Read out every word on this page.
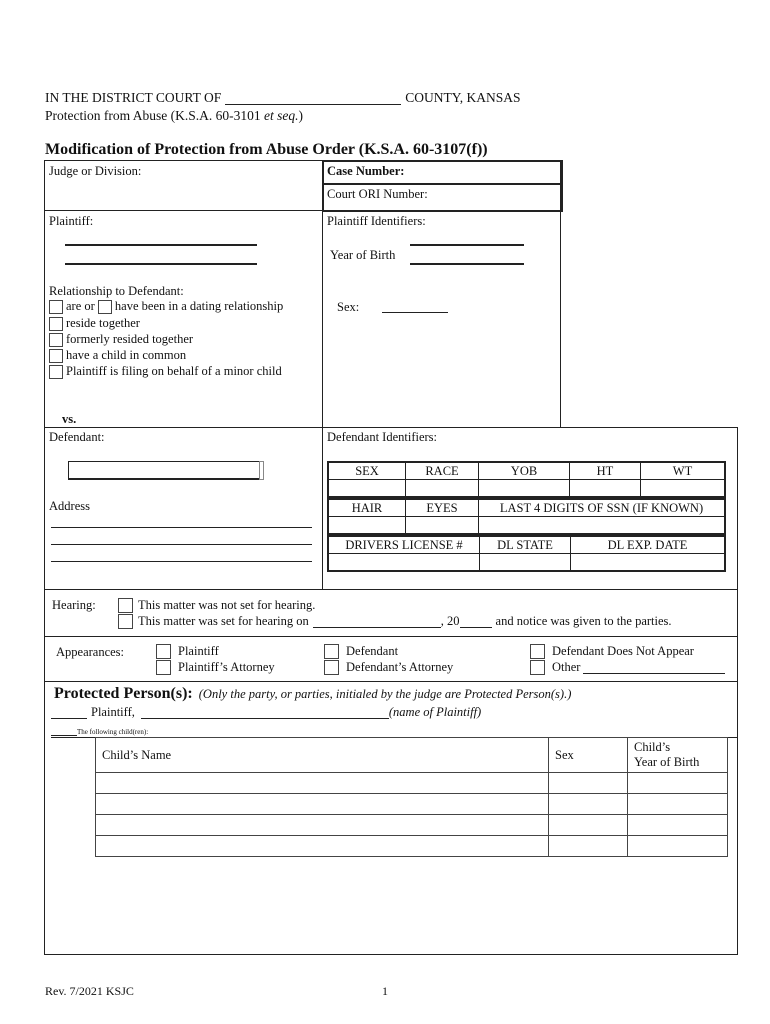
IN THE DISTRICT COURT OF	COUNTY, KANSAS
Protection from Abuse (K.S.A. 60-3101
et seq. )
Modification of Protection from Abuse Order (K.S.A. 60-3107(f))
Judge or Division:	Case Number:
Court ORI Number:
Plaintiff:	Plaintiff Identifiers:
Year of Birth
Sex:
Relationship to Defendant:
are or
have been in a dating relationship
reside together
formerly resided together
have a child in common
Plaintiff is filing on behalf of a minor child
vs.
Defendant:
Address
Defendant Identifiers:
SEX	RACE	YOB	HT	WT

HAIR	EYES	LAST 4 DIGITS OF SSN (IF KNOWN)

DRIVERS LICENSE #	DL STATE	DL EXP. DATE

Hearing:	This matter was not set for hearing.
This matter was set for hearing on	, 20	and notice was given to the parties.
Appearances:	Plaintiff
Plaintiff’s Attorney
Defendant
Defendant’s Attorney
Defendant Does Not Appear
Other
Protected Person(s): (Only the party, or parties, initialed by the judge are Protected Person(s).)
Plaintiff,	(name of Plaintiff)
The following child(ren):
Child’s Name	Sex	Child’s
Year of Birth

Rev. 7/2021 KSJC	1
